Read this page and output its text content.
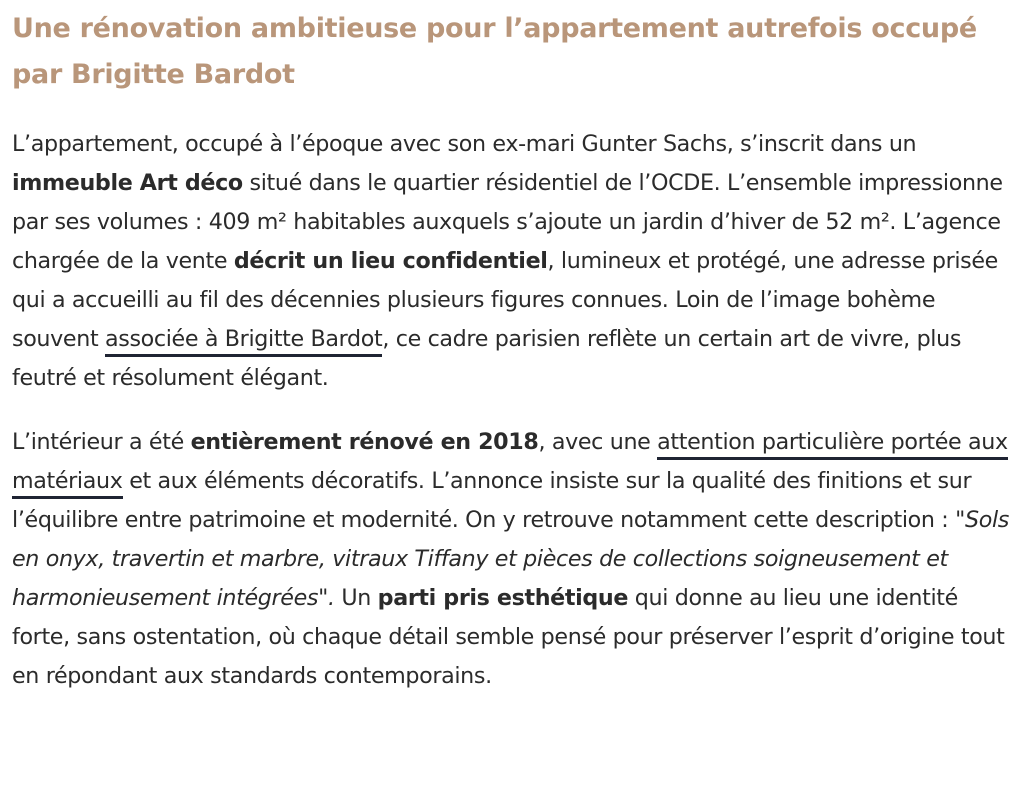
Une rénovation ambitieuse pour l’appartement autrefois occupé par Brigitte Bardot

L’appartement, occupé à l’époque avec son ex-mari Gunter Sachs, s’inscrit dans un immeuble Art déco situé dans le quartier résidentiel de l’OCDE. L’ensemble impressionne par ses volumes : 409 m² habitables auxquels s’ajoute un jardin d’hiver de 52 m². L’agence chargée de la vente décrit un lieu confidentiel, lumineux et protégé, une adresse prisée qui a accueilli au fil des décennies plusieurs figures connues. Loin de l’image bohème souvent associée à Brigitte Bardot, ce cadre parisien reflète un certain art de vivre, plus feutré et résolument élégant.

L’intérieur a été entièrement rénové en 2018, avec une attention particulière portée aux matériaux et aux éléments décoratifs. L’annonce insiste sur la qualité des finitions et sur l’équilibre entre patrimoine et modernité. On y retrouve notamment cette description : "Sols en onyx, travertin et marbre, vitraux Tiffany et pièces de collections soigneusement et harmonieusement intégrées". Un parti pris esthétique qui donne au lieu une identité forte, sans ostentation, où chaque détail semble pensé pour préserver l’esprit d’origine tout en répondant aux standards contemporains.
